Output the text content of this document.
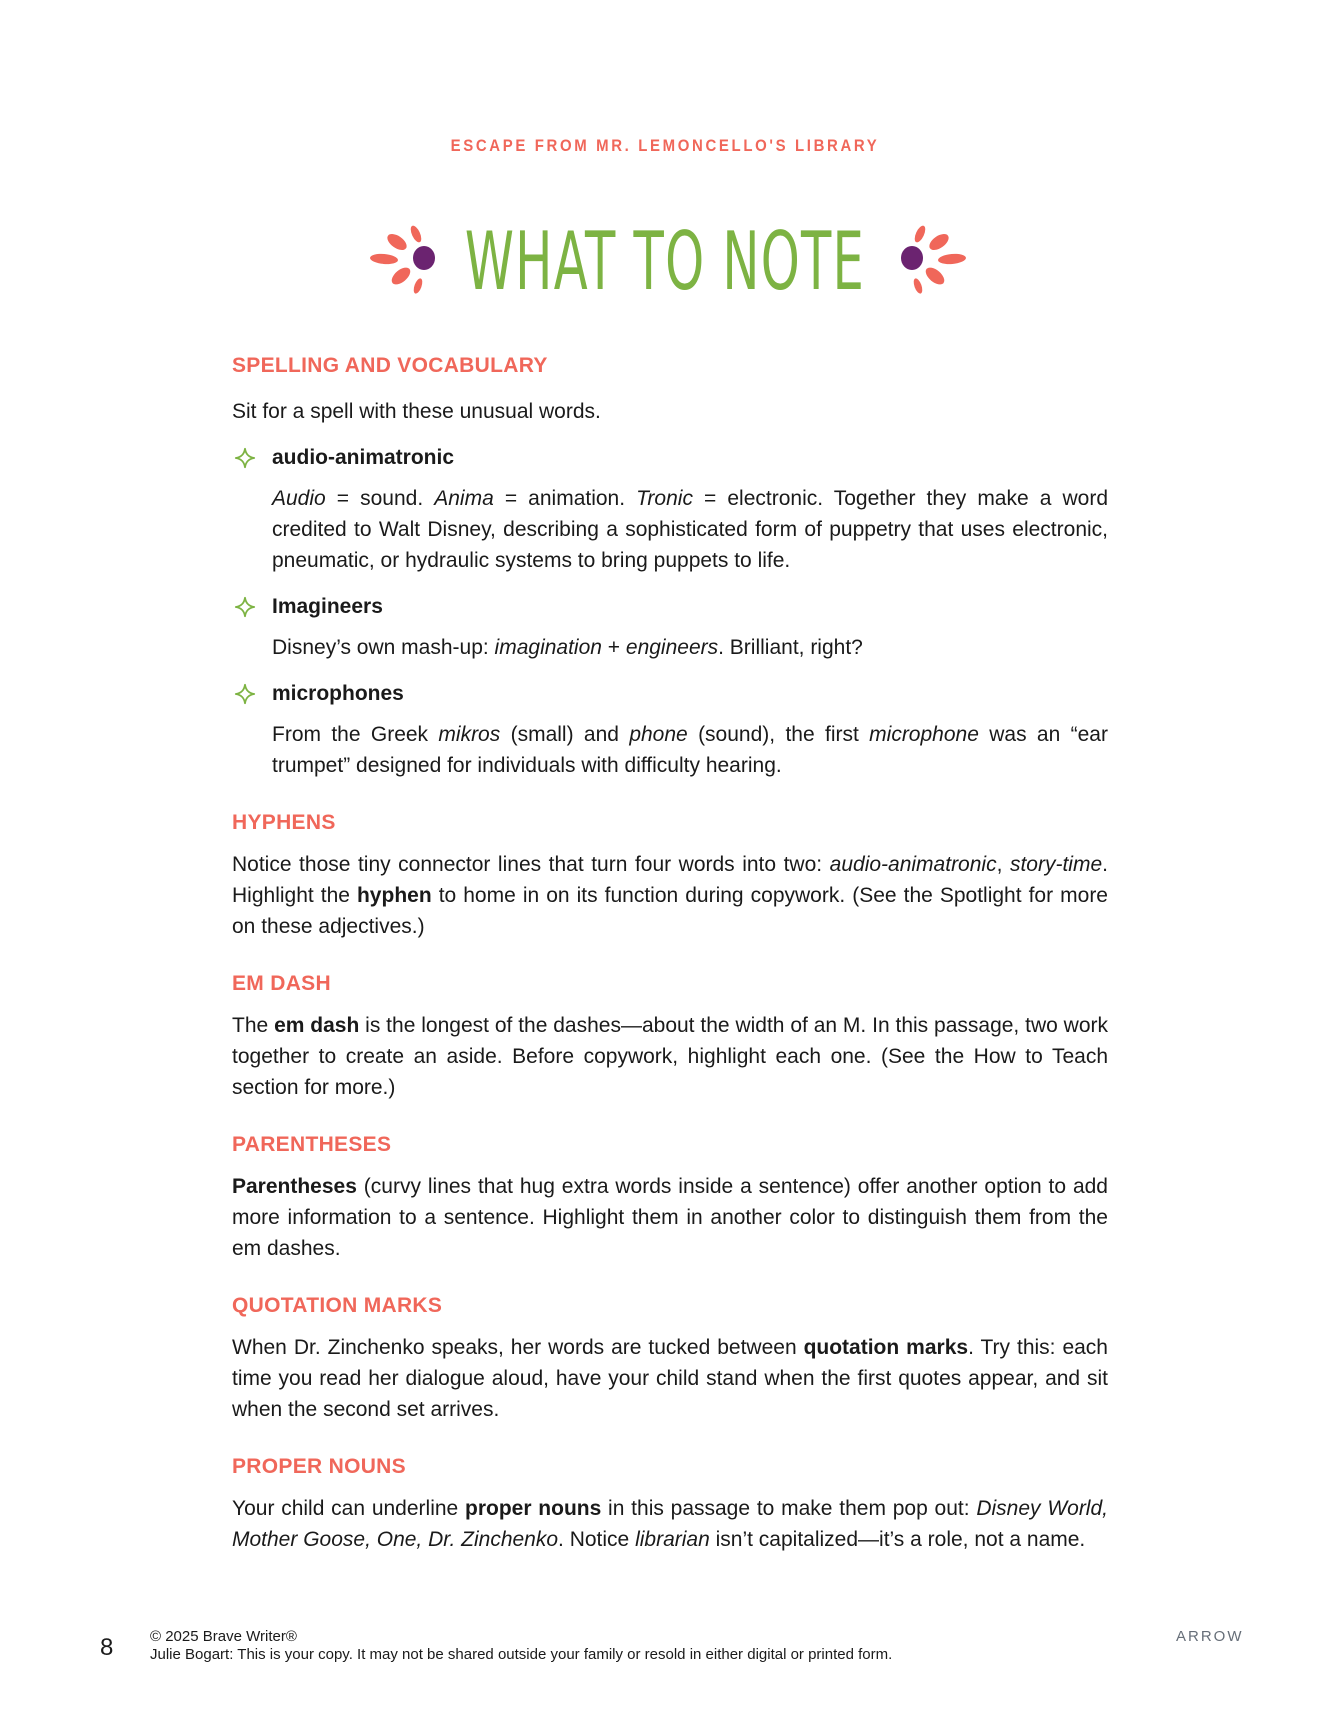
ESCAPE FROM MR. LEMONCELLO'S LIBRARY
WHAT TO NOTE
SPELLING AND VOCABULARY

Sit for a spell with these unusual words.

audio-animatronic

Audio = sound. Anima = animation. Tronic = electronic. Together they make a word credited to Walt Disney, describing a sophisticated form of puppetry that uses electronic, pneumatic, or hydraulic systems to bring puppets to life.

Imagineers

Disney’s own mash-up: imagination + engineers. Brilliant, right?

microphones

From the Greek mikros (small) and phone (sound), the first microphone was an “ear trumpet” designed for individuals with difficulty hearing.

HYPHENS

Notice those tiny connector lines that turn four words into two: audio-animatronic, story-time. Highlight the hyphen to home in on its function during copywork. (See the Spotlight for more on these adjectives.)

EM DASH

The em dash is the longest of the dashes—about the width of an M. In this passage, two work together to create an aside. Before copywork, highlight each one. (See the How to Teach section for more.)

PARENTHESES

Parentheses (curvy lines that hug extra words inside a sentence) offer another option to add more information to a sentence. Highlight them in another color to distinguish them from the em dashes.

QUOTATION MARKS

When Dr. Zinchenko speaks, her words are tucked between quotation marks. Try this: each time you read her dialogue aloud, have your child stand when the first quotes appear, and sit when the second set arrives.

PROPER NOUNS

Your child can underline proper nouns in this passage to make them pop out: Disney World, Mother Goose, One, Dr. Zinchenko. Notice librarian isn’t capitalized—it’s a role, not a name.

8 © 2025 Brave Writer®
Julie Bogart: This is your copy. It may not be shared outside your family or resold in either digital or printed form.
ARROW
